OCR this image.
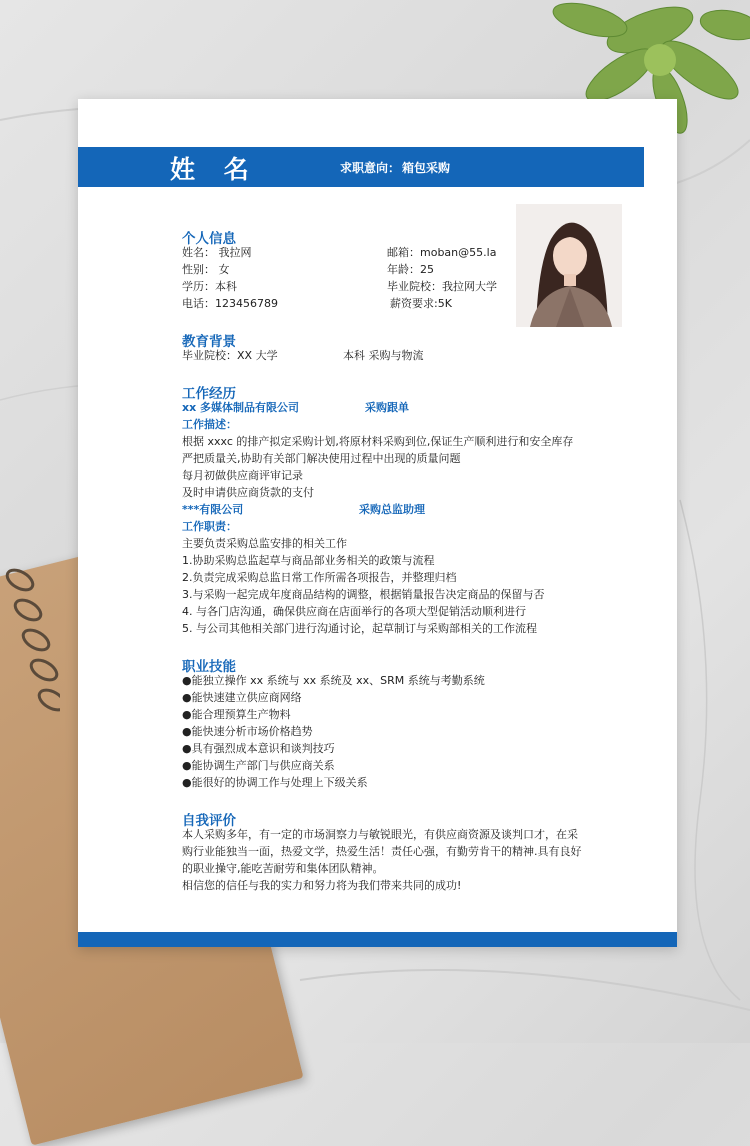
姓 名	求职意向： 箱包采购
个人信息
姓名： 我拉网	邮箱：moban@55.la
性别： 女	年龄：25
学历：本科	毕业院校：我拉网大学
电话：123456789	薪资要求:5K
教育背景
毕业院校：XX 大学	本科 采购与物流
工作经历
xx 多媒体制品有限公司	采购跟单
工作描述：
根据 xxxc 的排产拟定采购计划,将原材料采购到位,保证生产顺利进行和安全库存
严把质量关,协助有关部门解决使用过程中出现的质量问题
每月初做供应商评审记录
及时申请供应商货款的支付
***有限公司	采购总监助理
工作职责：
主要负责采购总监安排的相关工作
1.协助采购总监起草与商品部业务相关的政策与流程
2.负责完成采购总监日常工作所需各项报告，并整理归档
3.与采购一起完成年度商品结构的调整，根据销量报告决定商品的保留与否
4. 与各门店沟通，确保供应商在店面举行的各项大型促销活动顺利进行
5. 与公司其他相关部门进行沟通讨论，起草制订与采购部相关的工作流程
职业技能
●能独立操作 xx 系统与 xx 系统及 xx、SRM 系统与考勤系统
●能快速建立供应商网络
●能合理预算生产物料
●能快速分析市场价格趋势
●具有强烈成本意识和谈判技巧
●能协调生产部门与供应商关系
●能很好的协调工作与处理上下级关系
自我评价
本人采购多年，有一定的市场洞察力与敏锐眼光，有供应商资源及谈判口才，在采
购行业能独当一面，热爱文学，热爱生活！责任心强，有勤劳肯干的精神.具有良好
的职业操守,能吃苦耐劳和集体团队精神。
相信您的信任与我的实力和努力将为我们带来共同的成功!
